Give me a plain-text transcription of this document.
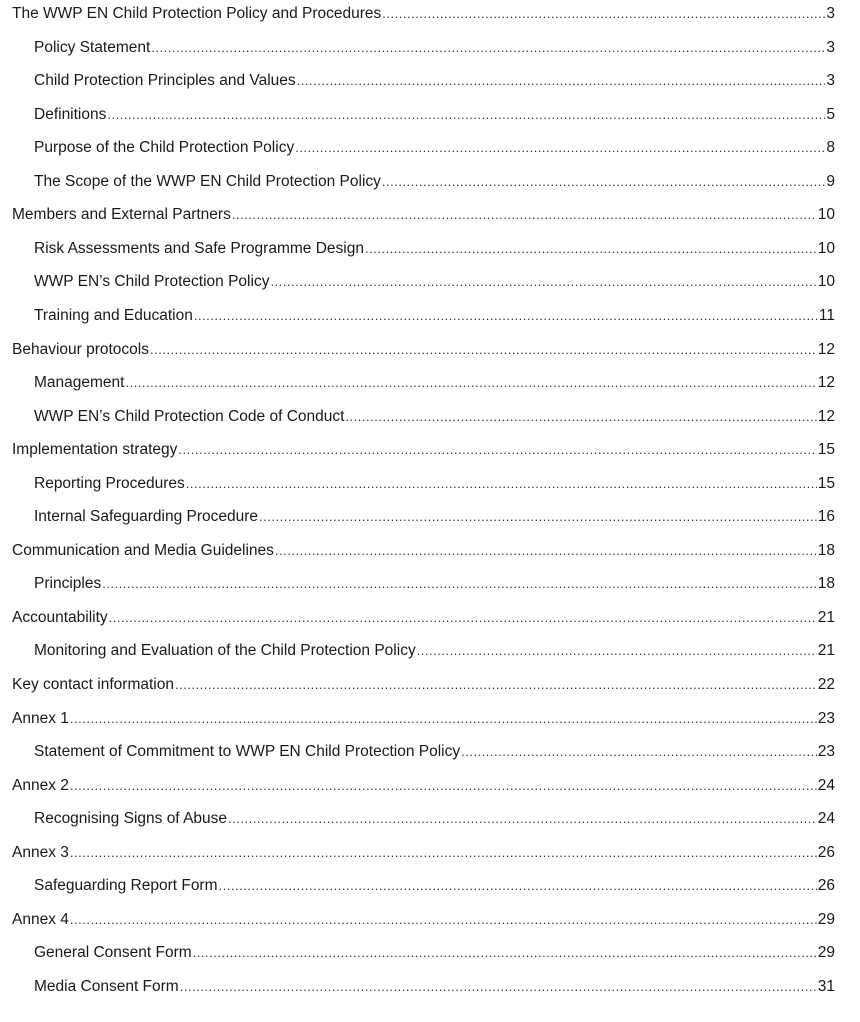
The WWP EN Child Protection Policy and Procedures .....	3
Policy Statement .....	3
Child Protection Principles and Values .....	3
Definitions .....	5
Purpose of the Child Protection Policy .....	8
The Scope of the WWP EN Child Protection Policy .....	9
Members and External Partners .....	10
Risk Assessments and Safe Programme Design .....	10
WWP EN’s Child Protection Policy .....	10
Training and Education .....	11
Behaviour protocols .....	12
Management .....	12
WWP EN’s Child Protection Code of Conduct .....	12
Implementation strategy .....	15
Reporting Procedures .....	15
Internal Safeguarding Procedure .....	16
Communication and Media Guidelines .....	18
Principles .....	18
Accountability .....	21
Monitoring and Evaluation of the Child Protection Policy .....	21
Key contact information .....	22
Annex 1 .....	23
Statement of Commitment to WWP EN Child Protection Policy .....	23
Annex 2 .....	24
Recognising Signs of Abuse .....	24
Annex 3 .....	26
Safeguarding Report Form .....	26
Annex 4 .....	29
General Consent Form .....	29
Media Consent Form .....	31
